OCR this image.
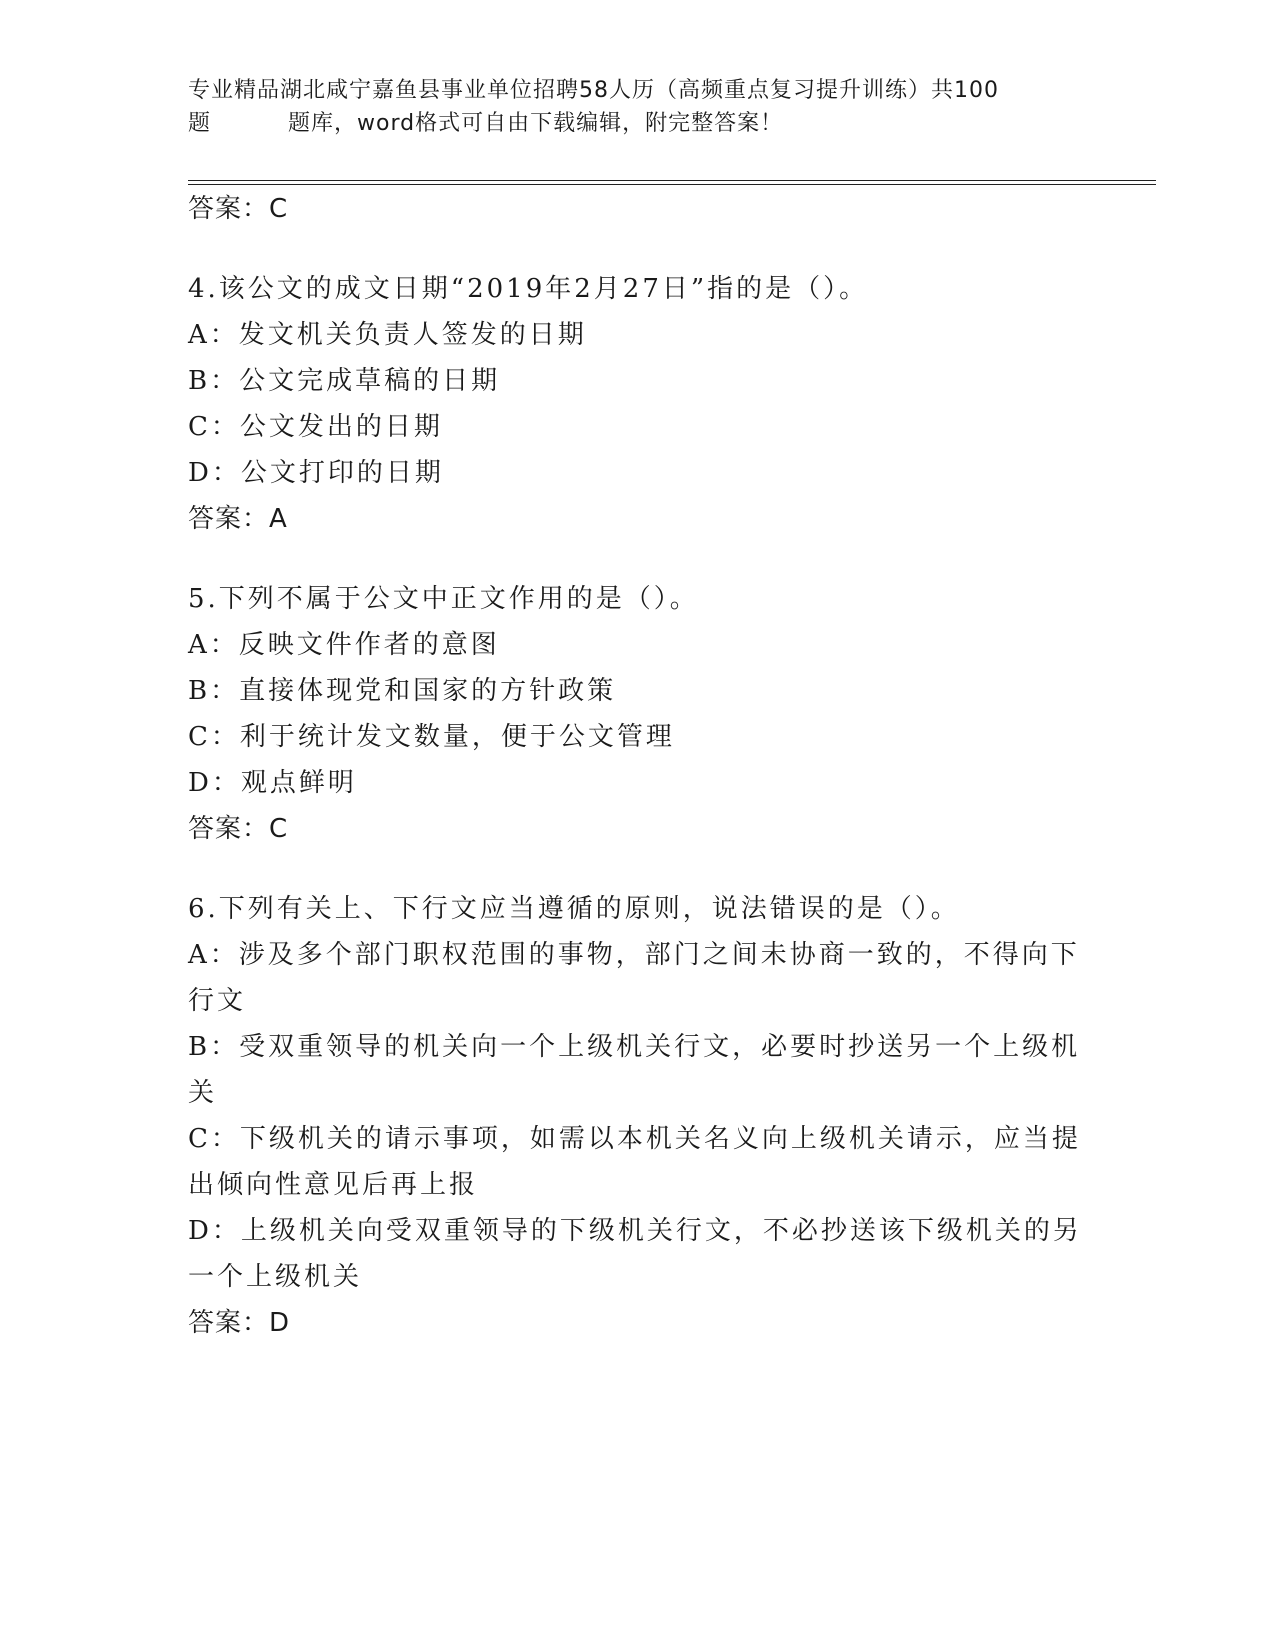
专业精品湖北咸宁嘉鱼县事业单位招聘58人历（高频重点复习提升训练）共100
题	题库，word格式可自由下载编辑，附完整答案！
答案：C
4.该公文的成文日期“2019年2月27日”指的是（）。
A：发文机关负责人签发的日期
B：公文完成草稿的日期
C：公文发出的日期
D：公文打印的日期
答案：A
5.下列不属于公文中正文作用的是（）。
A：反映文件作者的意图
B：直接体现党和国家的方针政策
C：利于统计发文数量，便于公文管理
D：观点鲜明
答案：C
6.下列有关上、下行文应当遵循的原则，说法错误的是（）。
A：涉及多个部门职权范围的事物，部门之间未协商一致的，不得向下行文
B：受双重领导的机关向一个上级机关行文，必要时抄送另一个上级机关
C：下级机关的请示事项，如需以本机关名义向上级机关请示，应当提出倾向性意见后再上报
D：上级机关向受双重领导的下级机关行文，不必抄送该下级机关的另一个上级机关
答案：D
